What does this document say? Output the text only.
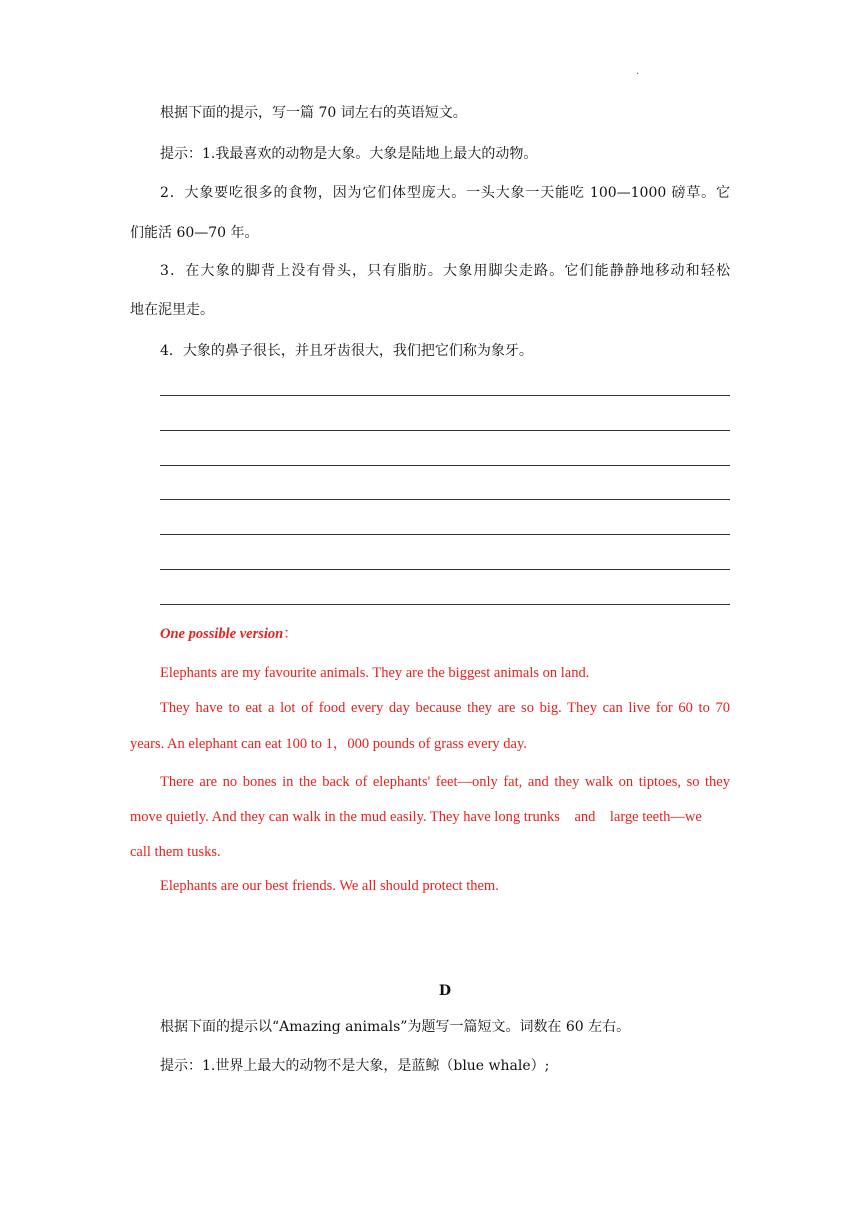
.
根据下面的提示，写一篇 70 词左右的英语短文。
提示：1.我最喜欢的动物是大象。大象是陆地上最大的动物。
2．大象要吃很多的食物，因为它们体型庞大。一头大象一天能吃 100—1000 磅草。它
们能活 60—70 年。
3．在大象的脚背上没有骨头，只有脂肪。大象用脚尖走路。它们能静静地移动和轻松
地在泥里走。
4．大象的鼻子很长，并且牙齿很大，我们把它们称为象牙。
One possible version：
Elephants are my favourite animals. They are the biggest animals on land.
They have to eat a lot of food every day because they are so big. They can live for 60 to 70
years. An elephant can eat 100 to 1，000 pounds of grass every day.
There are no bones in the back of elephants' feet—only fat, and they walk on tiptoes, so they
move quietly. And they can walk in the mud easily. They have long trunks    and    large teeth—we
call them tusks.
Elephants are our best friends. We all should protect them.
D
根据下面的提示以“Amazing animals”为题写一篇短文。词数在 60 左右。
提示：1.世界上最大的动物不是大象，是蓝鲸（blue whale）;
